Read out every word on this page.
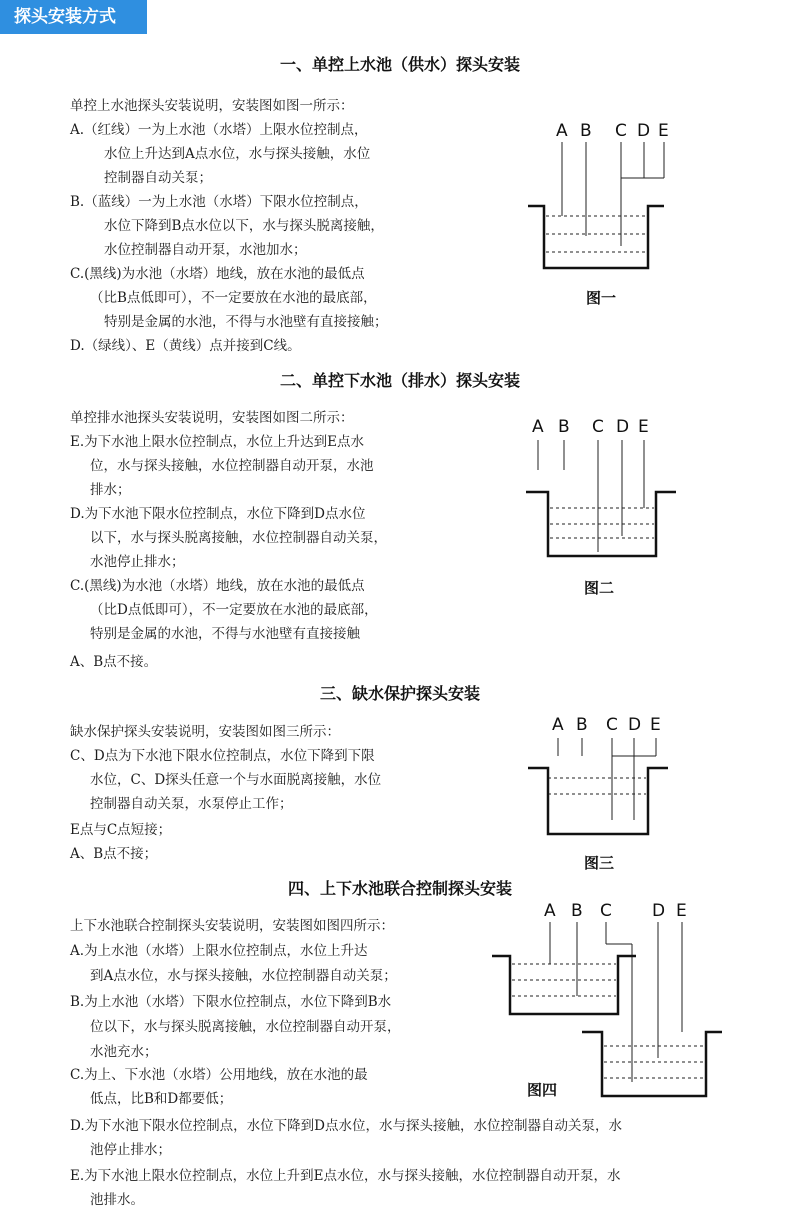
探头安装方式
一、单控上水池（供水）探头安装
单控上水池探头安装说明，安装图如图一所示：
A.（红线）一为上水池（水塔）上限水位控制点，
水位上升达到A点水位，水与探头接触，水位
控制器自动关泵；
B.（蓝线）一为上水池（水塔）下限水位控制点，
水位下降到B点水位以下，水与探头脱离接触，
水位控制器自动开泵，水池加水；
C.(黑线)为水池（水塔）地线，放在水池的最低点
（比B点低即可），不一定要放在水池的最底部，
特别是金属的水池，不得与水池壁有直接接触；
D.（绿线）、E（黄线）点并接到C线。
A B C D E
图一
二、单控下水池（排水）探头安装
单控排水池探头安装说明，安装图如图二所示：
E.为下水池上限水位控制点，水位上升达到E点水
位，水与探头接触，水位控制器自动开泵，水池
排水；
D.为下水池下限水位控制点，水位下降到D点水位
以下，水与探头脱离接触，水位控制器自动关泵，
水池停止排水；
C.(黑线)为水池（水塔）地线，放在水池的最低点
（比D点低即可），不一定要放在水池的最底部，
特别是金属的水池，不得与水池壁有直接接触
A、B点不接。
A B C D E
图二
三、缺水保护探头安装
缺水保护探头安装说明，安装图如图三所示：
C、D点为下水池下限水位控制点，水位下降到下限
水位，C、D探头任意一个与水面脱离接触，水位
控制器自动关泵，水泵停止工作；
E点与C点短接；
A、B点不接；
A B C D E
图三
四、上下水池联合控制探头安装
上下水池联合控制探头安装说明，安装图如图四所示：
A.为上水池（水塔）上限水位控制点，水位上升达
到A点水位，水与探头接触，水位控制器自动关泵；
B.为上水池（水塔）下限水位控制点，水位下降到B水
位以下，水与探头脱离接触，水位控制器自动开泵，
水池充水；
C.为上、下水池（水塔）公用地线，放在水池的最
低点，比B和D都要低；
D.为下水池下限水位控制点，水位下降到D点水位，水与探头接触，水位控制器自动关泵，水
池停止排水；
E.为下水池上限水位控制点，水位上升到E点水位，水与探头接触，水位控制器自动开泵，水
池排水。
A B C D E
图四
